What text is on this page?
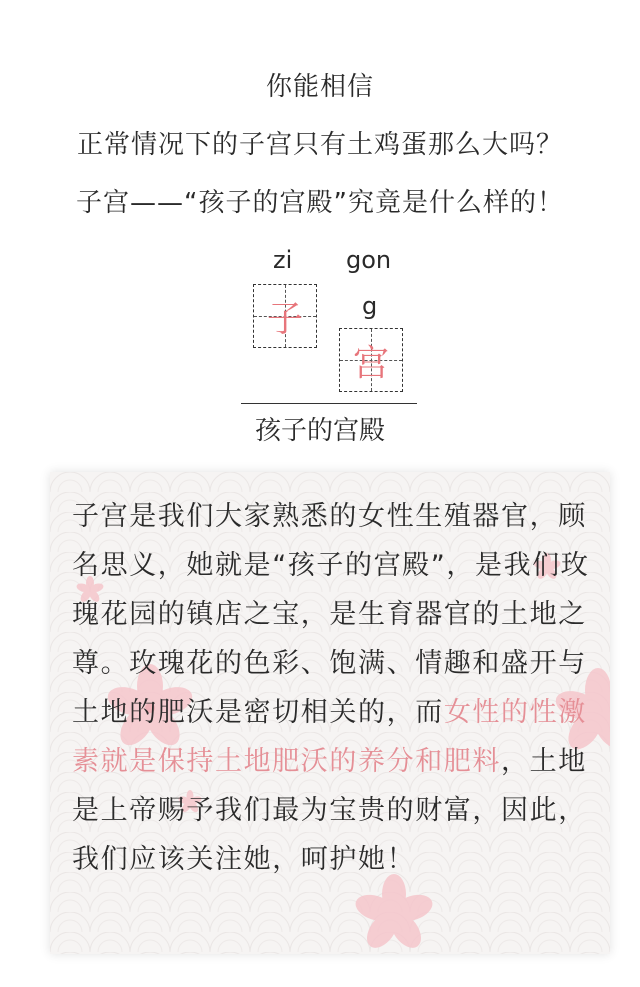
你能相信
正常情况下的子宫只有土鸡蛋那么大吗？
子宫——“孩子的宫殿”究竟是什么样的！
zi gon
g
子
宫
孩子的宫殿
子宫是我们大家熟悉的女性生殖器官，顾名思义，她就是“孩子的宫殿”，是我们玫瑰花园的镇店之宝，是生育器官的土地之尊。玫瑰花的色彩、饱满、情趣和盛开与土地的肥沃是密切相关的，而女性的性激素就是保持土地肥沃的养分和肥料，土地是上帝赐予我们最为宝贵的财富，因此，我们应该关注她，呵护她！
